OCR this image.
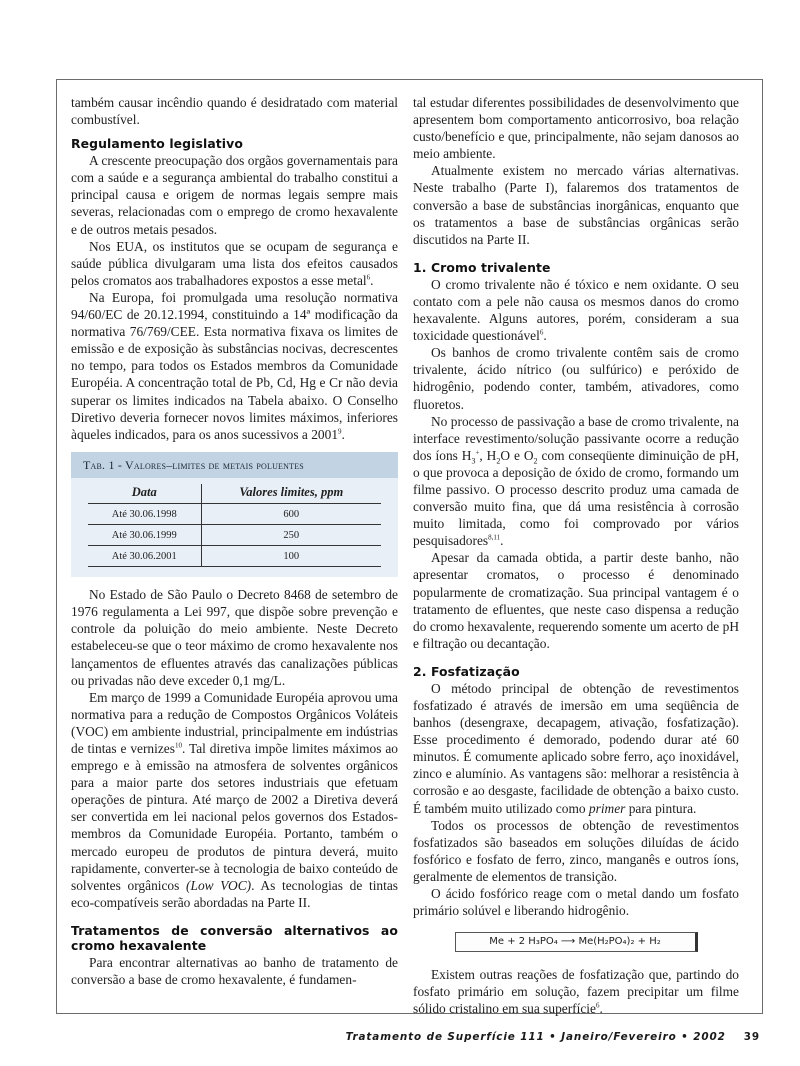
também causar incêndio quando é desidratado com material combustível.

Regulamento legislativo

A crescente preocupação dos orgãos governamentais para com a saúde e a segurança ambiental do trabalho constitui a principal causa e origem de normas legais sempre mais severas, relacionadas com o emprego de cromo hexavalente e de outros metais pesados.

Nos EUA, os institutos que se ocupam de segurança e saúde pública divulgaram uma lista dos efeitos causados pelos cromatos aos trabalhadores expostos a esse metal$^6$.

Na Europa, foi promulgada uma resolução normativa 94/60/EC de 20.12.1994, constituindo a 14ª modificação da normativa 76/769/CEE. Esta normativa fixava os limites de emissão e de exposição às substâncias nocivas, decrescentes no tempo, para todos os Estados membros da Comunidade Européia. A concentração total de Pb, Cd, Hg e Cr não devia superar os limites indicados na Tabela abaixo. O Conselho Diretivo deveria fornecer novos limites máximos, inferiores àqueles indicados, para os anos sucessivos a 2001$^9$.

Tab. 1 - Valores–limites de metais poluentes
Data	Valores limites, ppm
Até 30.06.1998	600
Até 30.06.1999	250
Até 30.06.2001	100

No Estado de São Paulo o Decreto 8468 de setembro de 1976 regulamenta a Lei 997, que dispõe sobre prevenção e controle da poluição do meio ambiente. Neste Decreto estabeleceu-se que o teor máximo de cromo hexavalente nos lançamentos de efluentes através das canalizações públicas ou privadas não deve exceder 0,1 mg/L.

Em março de 1999 a Comunidade Européia aprovou uma normativa para a redução de Compostos Orgânicos Voláteis (VOC) em ambiente industrial, principalmente em indústrias de tintas e vernizes$^{10}$. Tal diretiva impõe limites máximos ao emprego e à emissão na atmosfera de solventes orgânicos para a maior parte dos setores industriais que efetuam operações de pintura. Até março de 2002 a Diretiva deverá ser convertida em lei nacional pelos governos dos Estados-membros da Comunidade Européia. Portanto, também o mercado europeu de produtos de pintura deverá, muito rapidamente, converter-se à tecnologia de baixo conteúdo de solventes orgânicos (Low VOC). As tecnologias de tintas eco-compatíveis serão abordadas na Parte II.

Tratamentos de conversão alternativos ao cromo hexavalente

Para encontrar alternativas ao banho de tratamento de conversão a base de cromo hexavalente, é fundamen-

tal estudar diferentes possibilidades de desenvolvimento que apresentem bom comportamento anticorrosivo, boa relação custo/benefício e que, principalmente, não sejam danosos ao meio ambiente.

Atualmente existem no mercado várias alternativas. Neste trabalho (Parte I), falaremos dos tratamentos de conversão a base de substâncias inorgânicas, enquanto que os tratamentos a base de substâncias orgânicas serão discutidos na Parte II.

1. Cromo trivalente

O cromo trivalente não é tóxico e nem oxidante. O seu contato com a pele não causa os mesmos danos do cromo hexavalente. Alguns autores, porém, consideram a sua toxicidade questionável$^6$.

Os banhos de cromo trivalente contêm sais de cromo trivalente, ácido nítrico (ou sulfúrico) e peróxido de hidrogênio, podendo conter, também, ativadores, como fluoretos.

No processo de passivação a base de cromo trivalente, na interface revestimento/solução passivante ocorre a redução dos íons $H_3^+$, $H_2O$ e $O_2$ com conseqüente diminuição de pH, o que provoca a deposição de óxido de cromo, formando um filme passivo. O processo descrito produz uma camada de conversão muito fina, que dá uma resistência à corrosão muito limitada, como foi comprovado por vários pesquisadores$^{8,11}$.

Apesar da camada obtida, a partir deste banho, não apresentar cromatos, o processo é denominado popularmente de cromatização. Sua principal vantagem é o tratamento de efluentes, que neste caso dispensa a redução do cromo hexavalente, requerendo somente um acerto de pH e filtração ou decantação.

2. Fosfatização

O método principal de obtenção de revestimentos fosfatizado é através de imersão em uma seqüência de banhos (desengraxe, decapagem, ativação, fosfatização). Esse procedimento é demorado, podendo durar até 60 minutos. É comumente aplicado sobre ferro, aço inoxidável, zinco e alumínio. As vantagens são: melhorar a resistência à corrosão e ao desgaste, facilidade de obtenção a baixo custo. É também muito utilizado como primer para pintura.

Todos os processos de obtenção de revestimentos fosfatizados são baseados em soluções diluídas de ácido fosfórico e fosfato de ferro, zinco, manganês e outros íons, geralmente de elementos de transição.

O ácido fosfórico reage com o metal dando um fosfato primário solúvel e liberando hidrogênio.

Me + 2 H₃PO₄ ⟶ Me(H₂PO₄)₂ + H₂

Existem outras reações de fosfatização que, partindo do fosfato primário em solução, fazem precipitar um filme sólido cristalino em sua superfície$^6$.

Tratamento de Superfície 111 • Janeiro/Fevereiro • 2002 39
